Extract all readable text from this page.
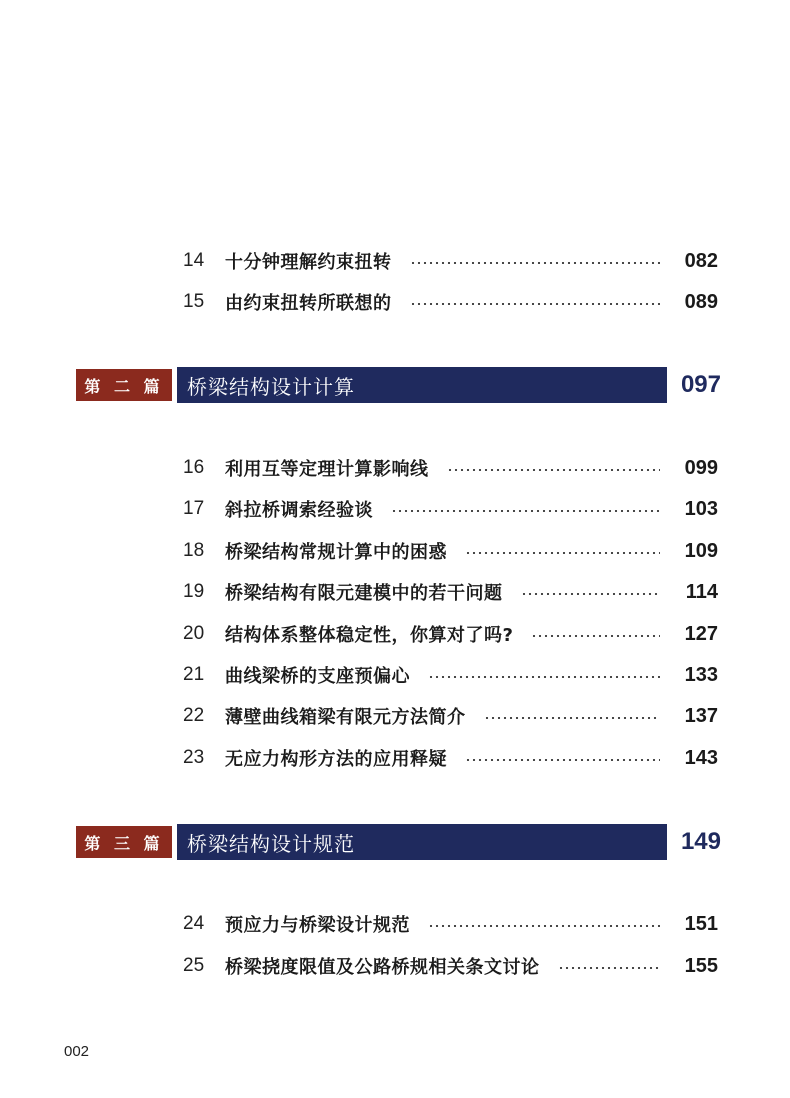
14	十分钟理解约束扭转	082
15	由约束扭转所联想的	089
第 二 篇	桥梁结构设计计算	097
16	利用互等定理计算影响线	099
17	斜拉桥调索经验谈	103
18	桥梁结构常规计算中的困惑	109
19	桥梁结构有限元建模中的若干问题	114
20	结构体系整体稳定性，你算对了吗?	127
21	曲线梁桥的支座预偏心	133
22	薄壁曲线箱梁有限元方法简介	137
23	无应力构形方法的应用释疑	143
第 三 篇	桥梁结构设计规范	149
24	预应力与桥梁设计规范	151
25	桥梁挠度限值及公路桥规相关条文讨论	155
002
